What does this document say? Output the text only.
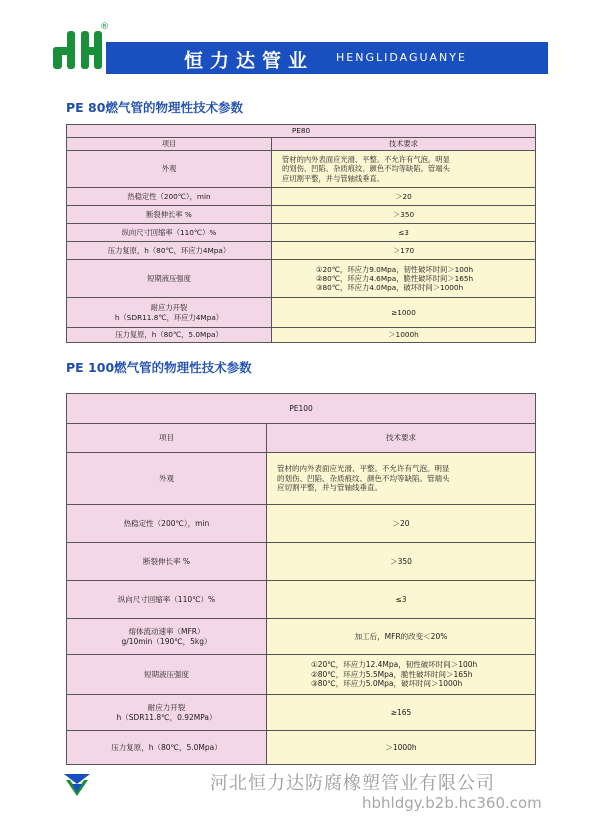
®
恒力达管业 HENGLIDAGUANYE
PE 80燃气管的物理性技术参数
PE80	
项目	技术要求
外观	管材的内外表面应光滑、平整。不允许有气泡。明显
的划伤、凹陷、杂质痕纹、颜色不均等缺陷。管端头
应切割平整，并与管轴线垂直。

热稳定性（200℃），min	＞20
断裂伸长率 %	＞350
纵向尺寸回缩率（110℃）%	≤3
压力复原，h（80℃，环应力4Mpa）	＞170
短期液压强度	①20℃，环应力9.0Mpa，韧性破坏时间＞100h
②80℃，环应力4.6Mpa，脆性破坏时间＞165h
③80℃，环应力4.0Mpa，破坏时间＞1000h

耐应力开裂
h（SDR11.8℃，环应力4Mpa）	≥1000
压力复原，h（80℃，5.0Mpa）	＞1000h
PE 100燃气管的物理性技术参数
PE100	
项目	技术要求
外观	管材的内外表面应光滑、平整。不允许有气泡。明显
的划伤、凹陷、杂质痕纹、颜色不均等缺陷。管端头
应切割平整，并与管轴线垂直。

热稳定性（200℃），min	＞20
断裂伸长率 %	＞350
纵向尺寸回缩率（110℃）%	≤3

熔体流动速率（MFR）
g/10min（190℃，5kg）	加工后，MFR的改变＜20%
短期液压强度	①20℃，环应力12.4Mpa，韧性破坏时间＞100h
②80℃，环应力5.5Mpa，脆性破坏时间＞165h
③80℃，环应力5.0Mpa，破坏时间＞1000h

耐应力开裂
h（SDR11.8℃，0.92MPa）	≥165
压力复原，h（80℃，5.0Mpa）	＞1000h
河北恒力达防腐橡塑管业有限公司
hbhldgy.b2b.hc360.com
